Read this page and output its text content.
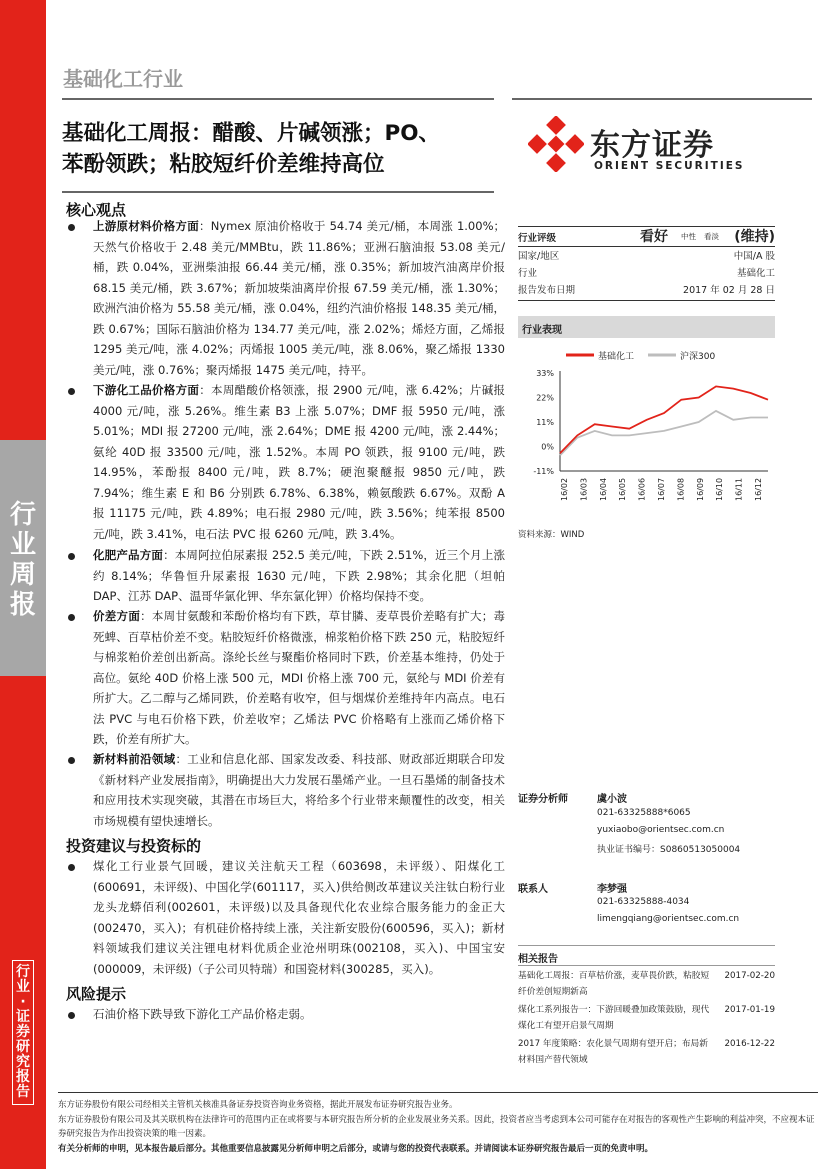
行
业
周
报
行
业
·
证
券
研
究
报
告
基础化工行业
基础化工周报：醋酸、片碱领涨；PO、
苯酚领跌；粘胶短纤价差维持高位
东方证券
ORIENT SECURITIES
核心观点
上游原材料价格方面：Nymex 原油价格收于 54.74 美元/桶，本周涨 1.00%；天然气价格收于 2.48 美元/MMBtu，跌 11.86%；亚洲石脑油报 53.08 美元/桶，跌 0.04%，亚洲柴油报 66.44 美元/桶，涨 0.35%；新加坡汽油离岸价报 68.15 美元/桶，跌 3.67%；新加坡柴油离岸价报 67.59 美元/桶，涨 1.30%；欧洲汽油价格为 55.58 美元/桶，涨 0.04%，纽约汽油价格报 148.35 美元/桶，跌 0.67%；国际石脑油价格为 134.77 美元/吨，涨 2.02%；烯烃方面，乙烯报 1295 美元/吨，涨 4.02%；丙烯报 1005 美元/吨，涨 8.06%，聚乙烯报 1330 美元/吨，涨 0.76%；聚丙烯报 1475 美元/吨，持平。
下游化工品价格方面：本周醋酸价格领涨，报 2900 元/吨，涨 6.42%；片碱报 4000 元/吨，涨 5.26%。维生素 B3 上涨 5.07%；DMF 报 5950 元/吨，涨 5.01%；MDI 报 27200 元/吨，涨 2.64%；DME 报 4200 元/吨，涨 2.44%；氨纶 40D 报 33500 元/吨，涨 1.52%。本周 PO 领跌，报 9100 元/吨，跌 14.95%，苯酚报 8400 元/吨，跌 8.7%；硬泡聚醚报 9850 元/吨，跌 7.94%；维生素 E 和 B6 分别跌 6.78%、6.38%，赖氨酸跌 6.67%。双酚 A 报 11175 元/吨，跌 4.89%；电石报 2980 元/吨，跌 3.56%；纯苯报 8500 元/吨，跌 3.41%，电石法 PVC 报 6260 元/吨，跌 3.4%。
化肥产品方面：本周阿拉伯尿素报 252.5 美元/吨，下跌 2.51%，近三个月上涨约 8.14%；华鲁恒升尿素报 1630 元/吨，下跌 2.98%；其余化肥（坦帕 DAP、江苏 DAP、温哥华氯化钾、华东氯化钾）价格均保持不变。
价差方面：本周甘氨酸和苯酚价格均有下跌，草甘膦、麦草畏价差略有扩大；毒死蜱、百草枯价差不变。粘胶短纤价格微涨，棉浆粕价格下跌 250 元，粘胶短纤与棉浆粕价差创出新高。涤纶长丝与聚酯价格同时下跌，价差基本维持，仍处于高位。氨纶 40D 价格上涨 500 元，MDI 价格上涨 700 元，氨纶与 MDI 价差有所扩大。乙二醇与乙烯同跌，价差略有收窄，但与烟煤价差维持年内高点。电石法 PVC 与电石价格下跌，价差收窄；乙烯法 PVC 价格略有上涨而乙烯价格下跌，价差有所扩大。
新材料前沿领域：工业和信息化部、国家发改委、科技部、财政部近期联合印发《新材料产业发展指南》，明确提出大力发展石墨烯产业。一旦石墨烯的制备技术和应用技术实现突破，其潜在市场巨大，将给多个行业带来颠覆性的改变，相关市场规模有望快速增长。
投资建议与投资标的
煤化工行业景气回暖，建议关注航天工程（603698，未评级）、阳煤化工(600691，未评级)、中国化学(601117，买入)供给侧改革建议关注钛白粉行业龙头龙蟒佰利(002601，未评级)以及具备现代化农业综合服务能力的金正大(002470，买入)；有机硅价格持续上涨，关注新安股份(600596，买入)；新材料领域我们建议关注锂电材料优质企业沧州明珠(002108，买入)、中国宝安(000009，未评级)（子公司贝特瑞）和国瓷材料(300285，买入)。
风险提示
石油价格下跌导致下游化工产品价格走弱。
行业评级	看好 中性 看淡 (维持)
国家/地区	中国/A 股
行业	基础化工
报告发布日期	2017 年 02 月 28 日
行业表现
基础化工	沪深300
33%
22%
11%
0%
-11%
16/02 16/03 16/04 16/05 16/06 16/07 16/08 16/09 16/10 16/11 16/12
资料来源：WIND
证券分析师	虞小波
021-63325888*6065
yuxiaobo@orientsec.com.cn
执业证书编号：S0860513050004
联系人	李梦强
021-63325888-4034
limengqiang@orientsec.com.cn
相关报告
基础化工周报：百草枯价涨，麦草畏价跌，粘胶短纤价差创短期新高
2017-02-20
煤化工系列报告一：下游回暖叠加政策鼓励，现代煤化工有望开启景气周期
2017-01-19
2017 年度策略：农化景气周期有望开启；布局新材料国产替代领域
2016-12-22
东方证券股份有限公司经相关主管机关核准具备证券投资咨询业务资格，据此开展发布证券研究报告业务。
东方证券股份有限公司及其关联机构在法律许可的范围内正在或将要与本研究报告所分析的企业发展业务关系。因此，投资者应当考虑到本公司可能存在对报告的客观性产生影响的利益冲突，不应视本证券研究报告为作出投资决策的唯一因素。
有关分析师的申明，见本报告最后部分。其他重要信息披露见分析师申明之后部分，或请与您的投资代表联系。并请阅读本证券研究报告最后一页的免责申明。
